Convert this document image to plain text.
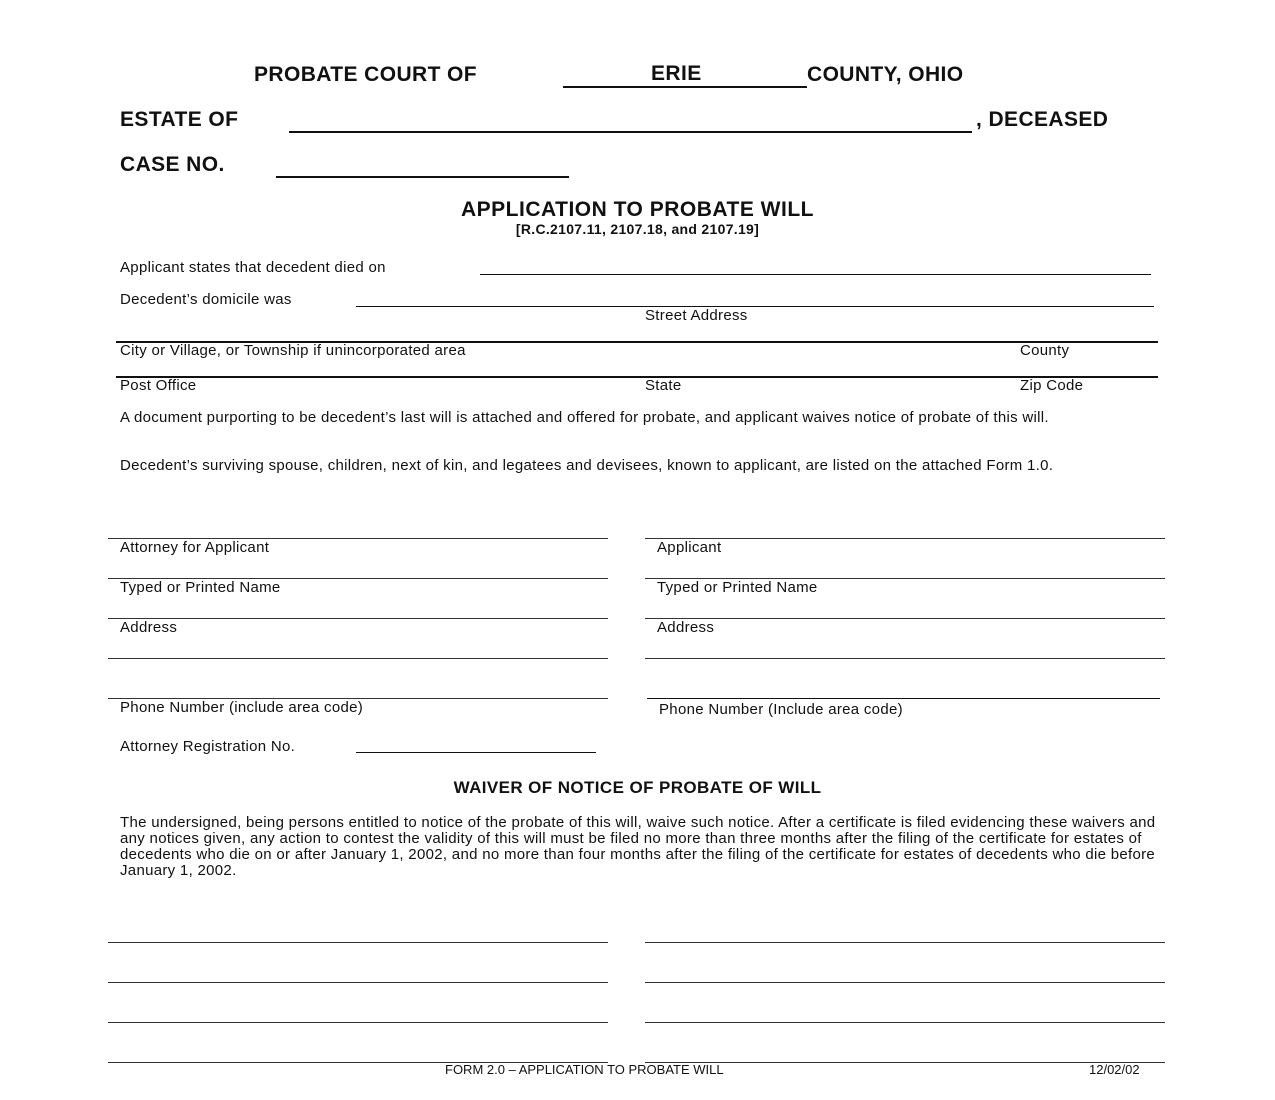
PROBATE COURT OF	ERIE	COUNTY, OHIO
ESTATE OF	, DECEASED
CASE NO.
APPLICATION TO PROBATE WILL
[R.C.2107.11, 2107.18, and 2107.19]
Applicant states that decedent died on
Decedent’s domicile was
Street Address
City or Village, or Township if unincorporated area	County
Post Office	State	Zip Code
A document purporting to be decedent’s last will is attached and offered for probate, and applicant waives notice of probate of this will.
Decedent’s surviving spouse, children, next of kin, and legatees and devisees, known to applicant, are listed on the attached Form 1.0.
Attorney for Applicant
Typed or Printed Name
Address
Phone Number (include area code)
Applicant
Typed or Printed Name
Address
Phone Number (Include area code)
Attorney Registration No.
WAIVER OF NOTICE OF PROBATE OF WILL
The undersigned, being persons entitled to notice of the probate of this will, waive such notice. After a certificate is filed evidencing these waivers and any notices given, any action to contest the validity of this will must be filed no more than three months after the filing of the certificate for estates of decedents who die on or after January 1, 2002, and no more than four months after the filing of the certificate for estates of decedents who die before January 1, 2002.
FORM 2.0 – APPLICATION TO PROBATE WILL	12/02/02
